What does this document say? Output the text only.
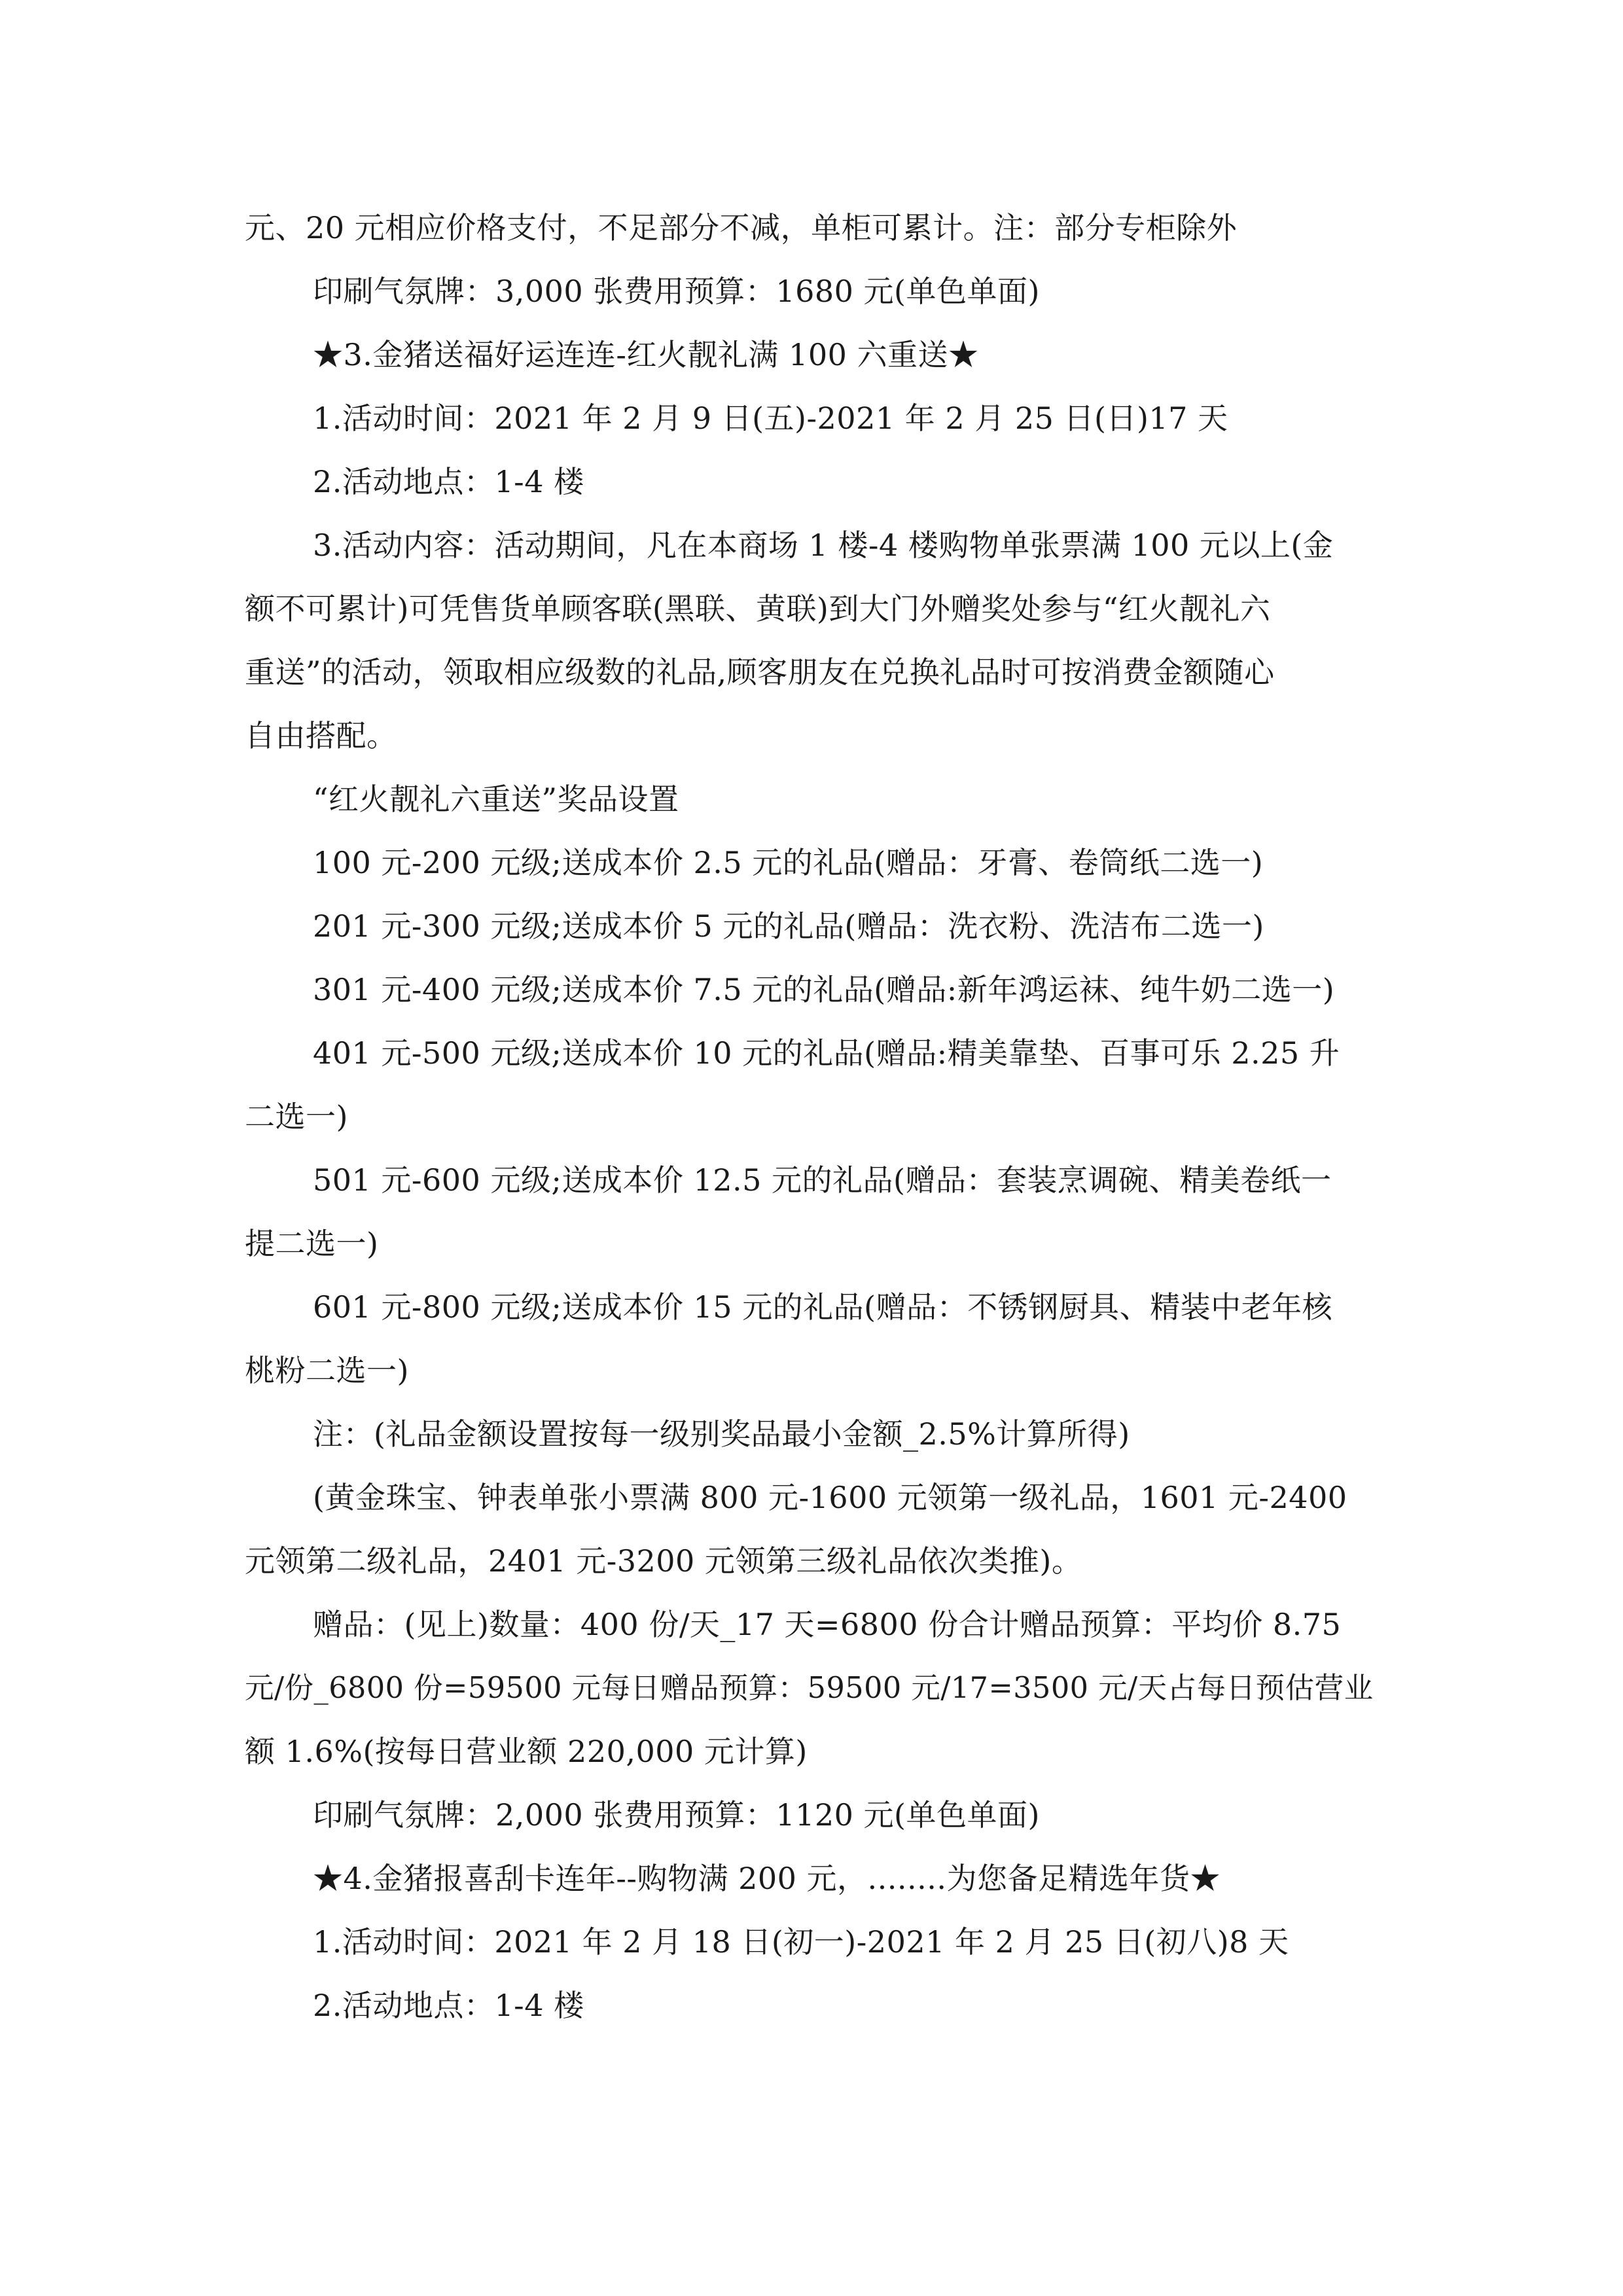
元、20 元相应价格支付，不足部分不减，单柜可累计。注：部分专柜除外
印刷气氛牌：3,000 张费用预算：1680 元(单色单面)
★3.金猪送福好运连连-红火靓礼满 100 六重送★
1.活动时间：2021 年 2 月 9 日(五)-2021 年 2 月 25 日(日)17 天
2.活动地点：1-4 楼
3.活动内容：活动期间，凡在本商场 1 楼-4 楼购物单张票满 100 元以上(金
额不可累计)可凭售货单顾客联(黑联、黄联)到大门外赠奖处参与“红火靓礼六
重送”的活动，领取相应级数的礼品,顾客朋友在兑换礼品时可按消费金额随心
自由搭配。
“红火靓礼六重送”奖品设置
100 元-200 元级;送成本价 2.5 元的礼品(赠品：牙膏、卷筒纸二选一)
201 元-300 元级;送成本价 5 元的礼品(赠品：洗衣粉、洗洁布二选一)
301 元-400 元级;送成本价 7.5 元的礼品(赠品:新年鸿运袜、纯牛奶二选一)
401 元-500 元级;送成本价 10 元的礼品(赠品:精美靠垫、百事可乐 2.25 升
二选一)
501 元-600 元级;送成本价 12.5 元的礼品(赠品：套装烹调碗、精美卷纸一
提二选一)
601 元-800 元级;送成本价 15 元的礼品(赠品：不锈钢厨具、精装中老年核
桃粉二选一)
注：(礼品金额设置按每一级别奖品最小金额_2.5%计算所得)
(黄金珠宝、钟表单张小票满 800 元-1600 元领第一级礼品，1601 元-2400
元领第二级礼品，2401 元-3200 元领第三级礼品依次类推)。
赠品：(见上)数量：400 份/天_17 天=6800 份合计赠品预算：平均价 8.75
元/份_6800 份=59500 元每日赠品预算：59500 元/17=3500 元/天占每日预估营业
额 1.6%(按每日营业额 220,000 元计算)
印刷气氛牌：2,000 张费用预算：1120 元(单色单面)
★4.金猪报喜刮卡连年--购物满 200 元，........为您备足精选年货★
1.活动时间：2021 年 2 月 18 日(初一)-2021 年 2 月 25 日(初八)8 天
2.活动地点：1-4 楼
